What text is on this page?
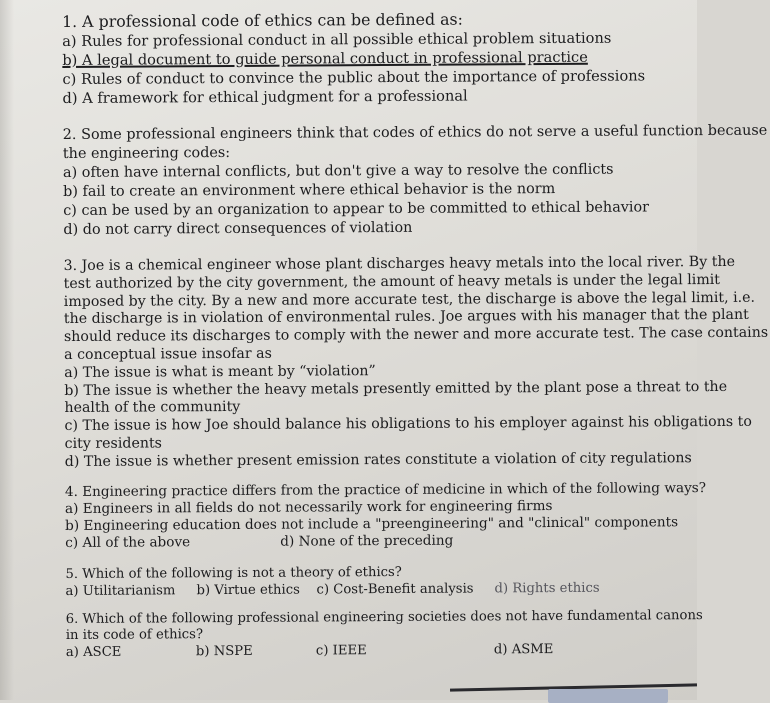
1. A professional code of ethics can be defined as:

a) Rules for professional conduct in all possible ethical problem situations

b) A legal document to guide personal conduct in professional practice

c) Rules of conduct to convince the public about the importance of professions

d) A framework for ethical judgment for a professional

2. Some professional engineers think that codes of ethics do not serve a useful function because

the engineering codes:

a) often have internal conflicts, but don't give a way to resolve the conflicts

b) fail to create an environment where ethical behavior is the norm

c) can be used by an organization to appear to be committed to ethical behavior

d) do not carry direct consequences of violation

3. Joe is a chemical engineer whose plant discharges heavy metals into the local river. By the

test authorized by the city government, the amount of heavy metals is under the legal limit

imposed by the city. By a new and more accurate test, the discharge is above the legal limit, i.e.

the discharge is in violation of environmental rules. Joe argues with his manager that the plant

should reduce its discharges to comply with the newer and more accurate test. The case contains

a conceptual issue insofar as

a) The issue is what is meant by “violation”

b) The issue is whether the heavy metals presently emitted by the plant pose a threat to the

health of the community

c) The issue is how Joe should balance his obligations to his employer against his obligations to

city residents

d) The issue is whether present emission rates constitute a violation of city regulations

4. Engineering practice differs from the practice of medicine in which of the following ways?

a) Engineers in all fields do not necessarily work for engineering firms

b) Engineering education does not include a "preengineering" and "clinical" components

c) All of the above	d) None of the preceding

5. Which of the following is not a theory of ethics?

a) Utilitarianism	b) Virtue ethics	c) Cost-Benefit analysis	d) Rights ethics

6. Which of the following professional engineering societies does not have fundamental canons

in its code of ethics?

a) ASCE	b) NSPE	c) IEEE	d) ASME
